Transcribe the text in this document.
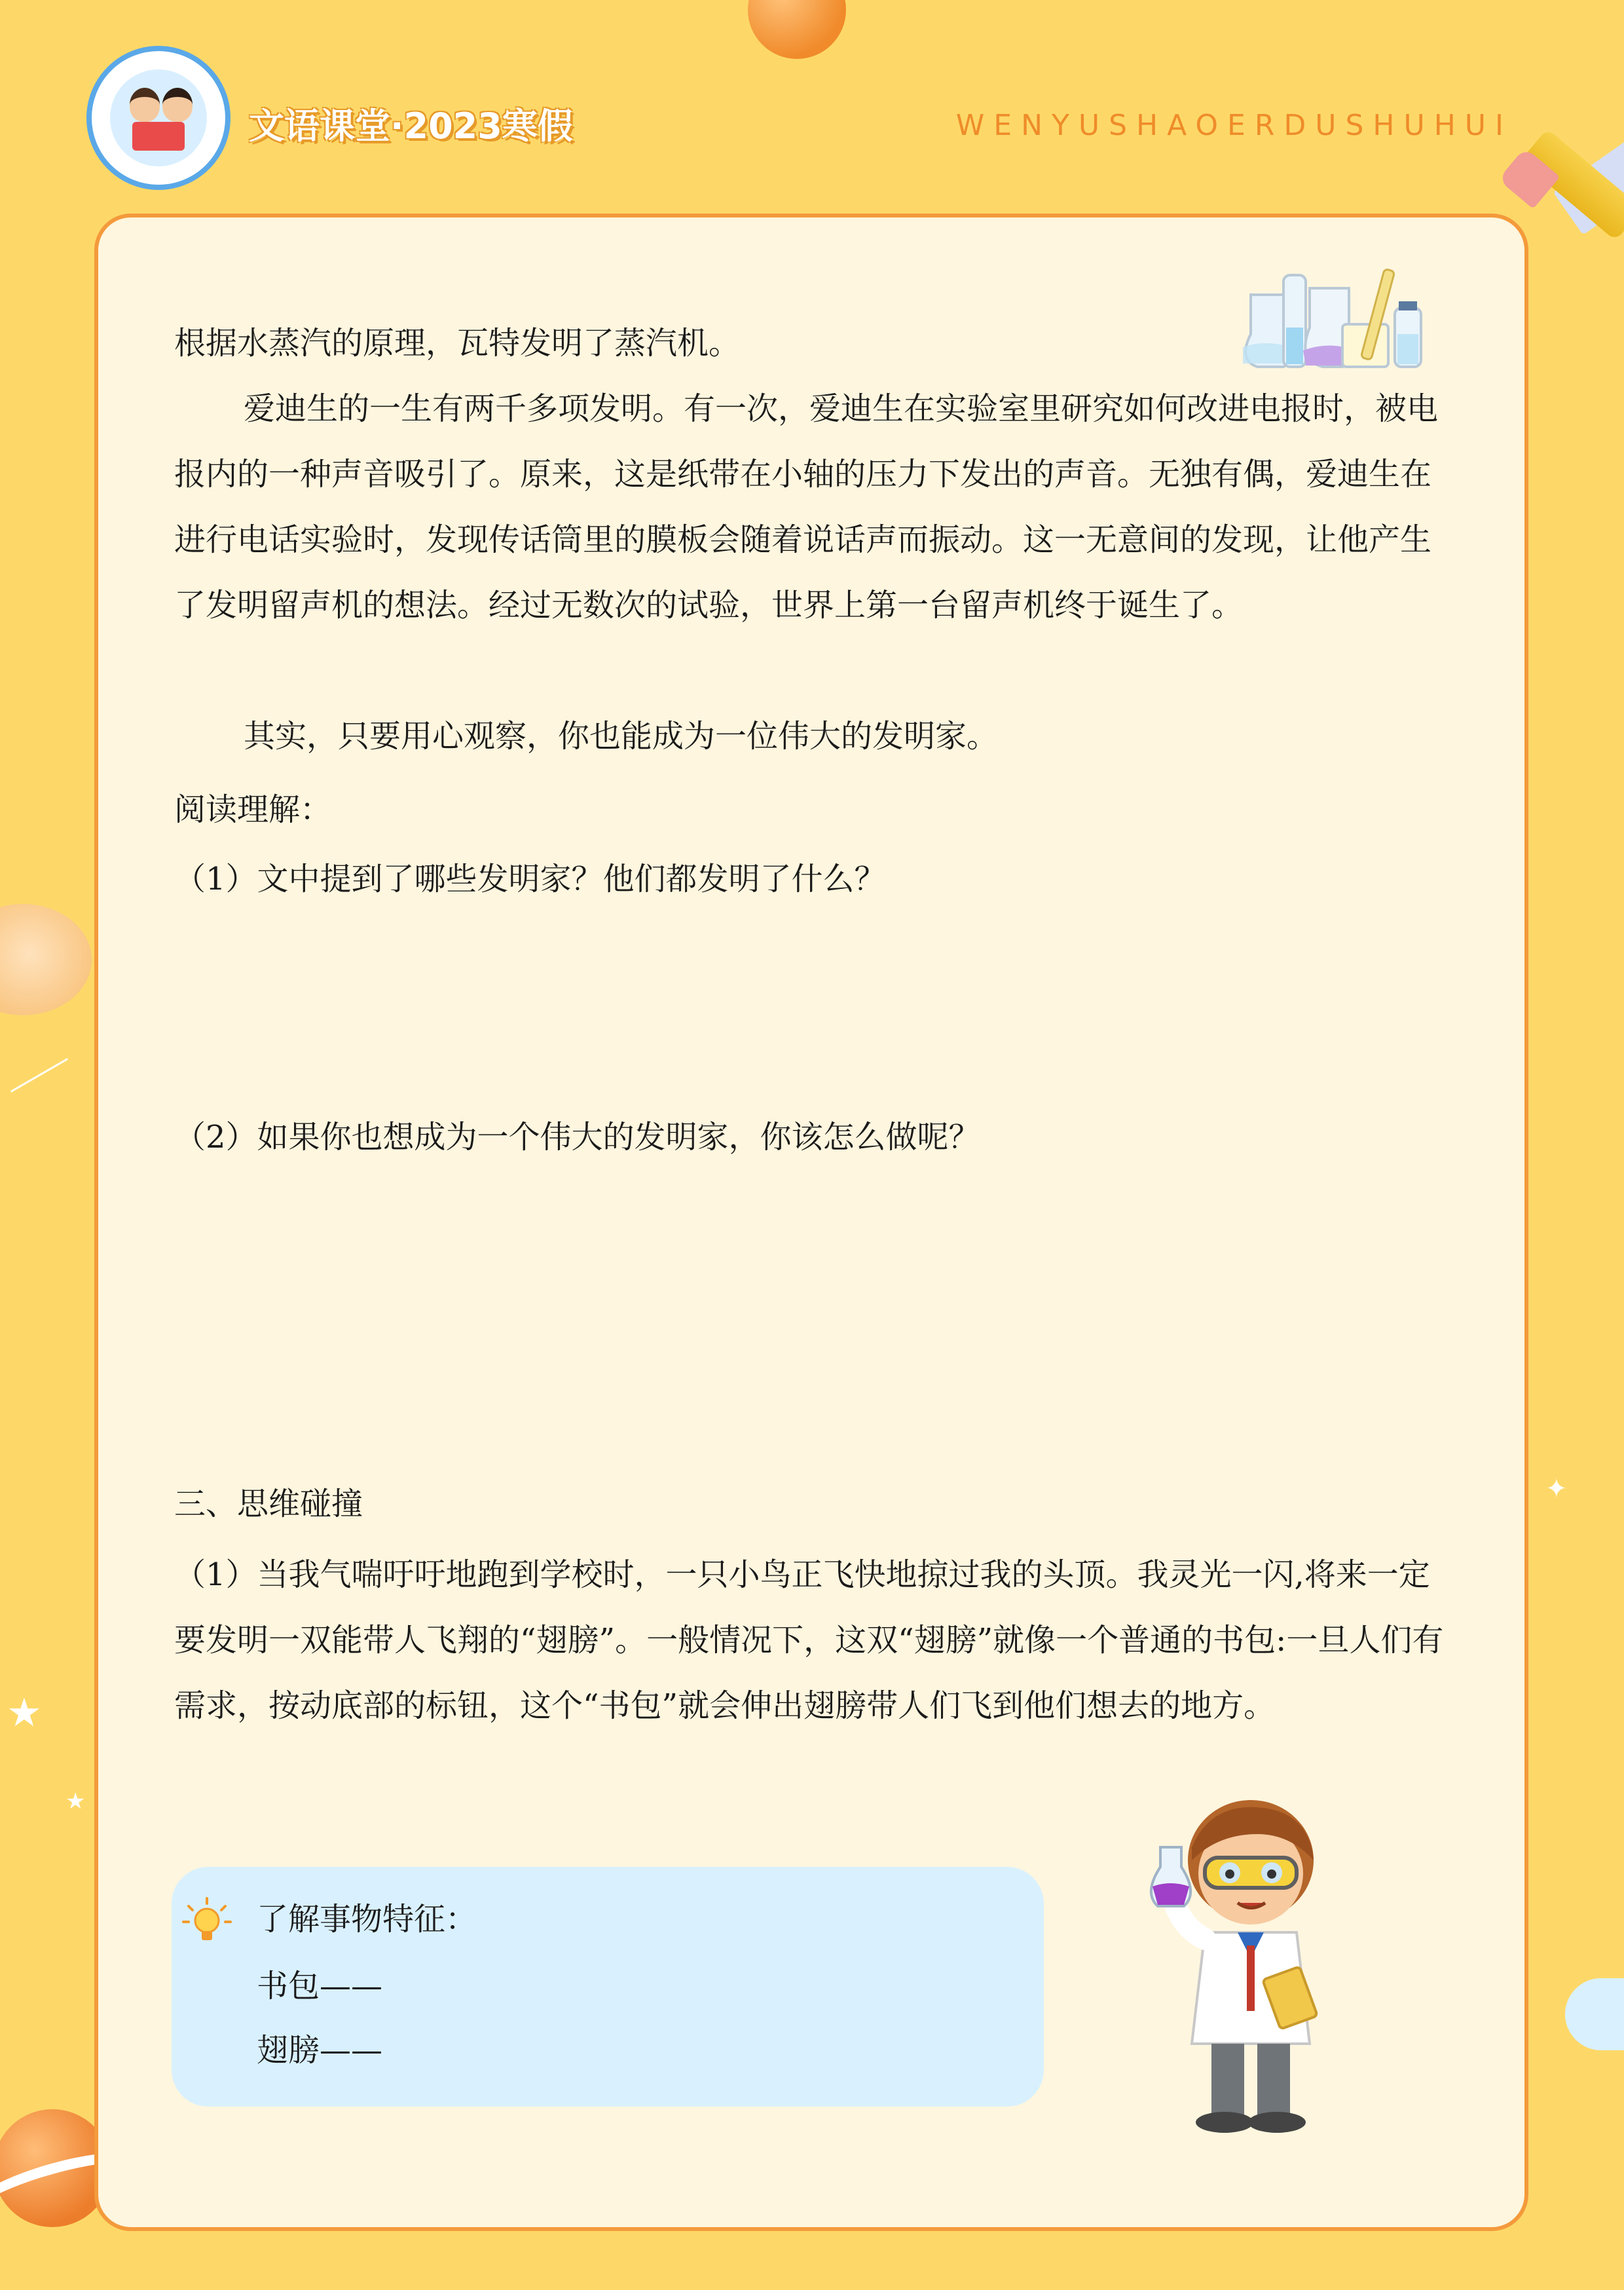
文语课堂·2023寒假	WENYUSHAOERDUSHUHUI
★
★
✦
根据水蒸汽的原理，瓦特发明了蒸汽机。
爱迪生的一生有两千多项发明。有一次，爱迪生在实验室里研究如何改进电报时，被电报内的一种声音吸引了。原来，这是纸带在小轴的压力下发出的声音。无独有偶，爱迪生在进行电话实验时，发现传话筒里的膜板会随着说话声而振动。这一无意间的发现，让他产生了发明留声机的想法。经过无数次的试验，世界上第一台留声机终于诞生了。
其实，只要用心观察，你也能成为一位伟大的发明家。
阅读理解：
（1）文中提到了哪些发明家？他们都发明了什么？
（2）如果你也想成为一个伟大的发明家，你该怎么做呢？
三、思维碰撞
（1）当我气喘吁吁地跑到学校时，一只小鸟正飞快地掠过我的头顶。我灵光一闪,将来一定要发明一双能带人飞翔的“翅膀”。一般情况下，这双“翅膀”就像一个普通的书包:一旦人们有需求，按动底部的标钮，这个“书包”就会伸出翅膀带人们飞到他们想去的地方。
了解事物特征：
书包——
翅膀——
